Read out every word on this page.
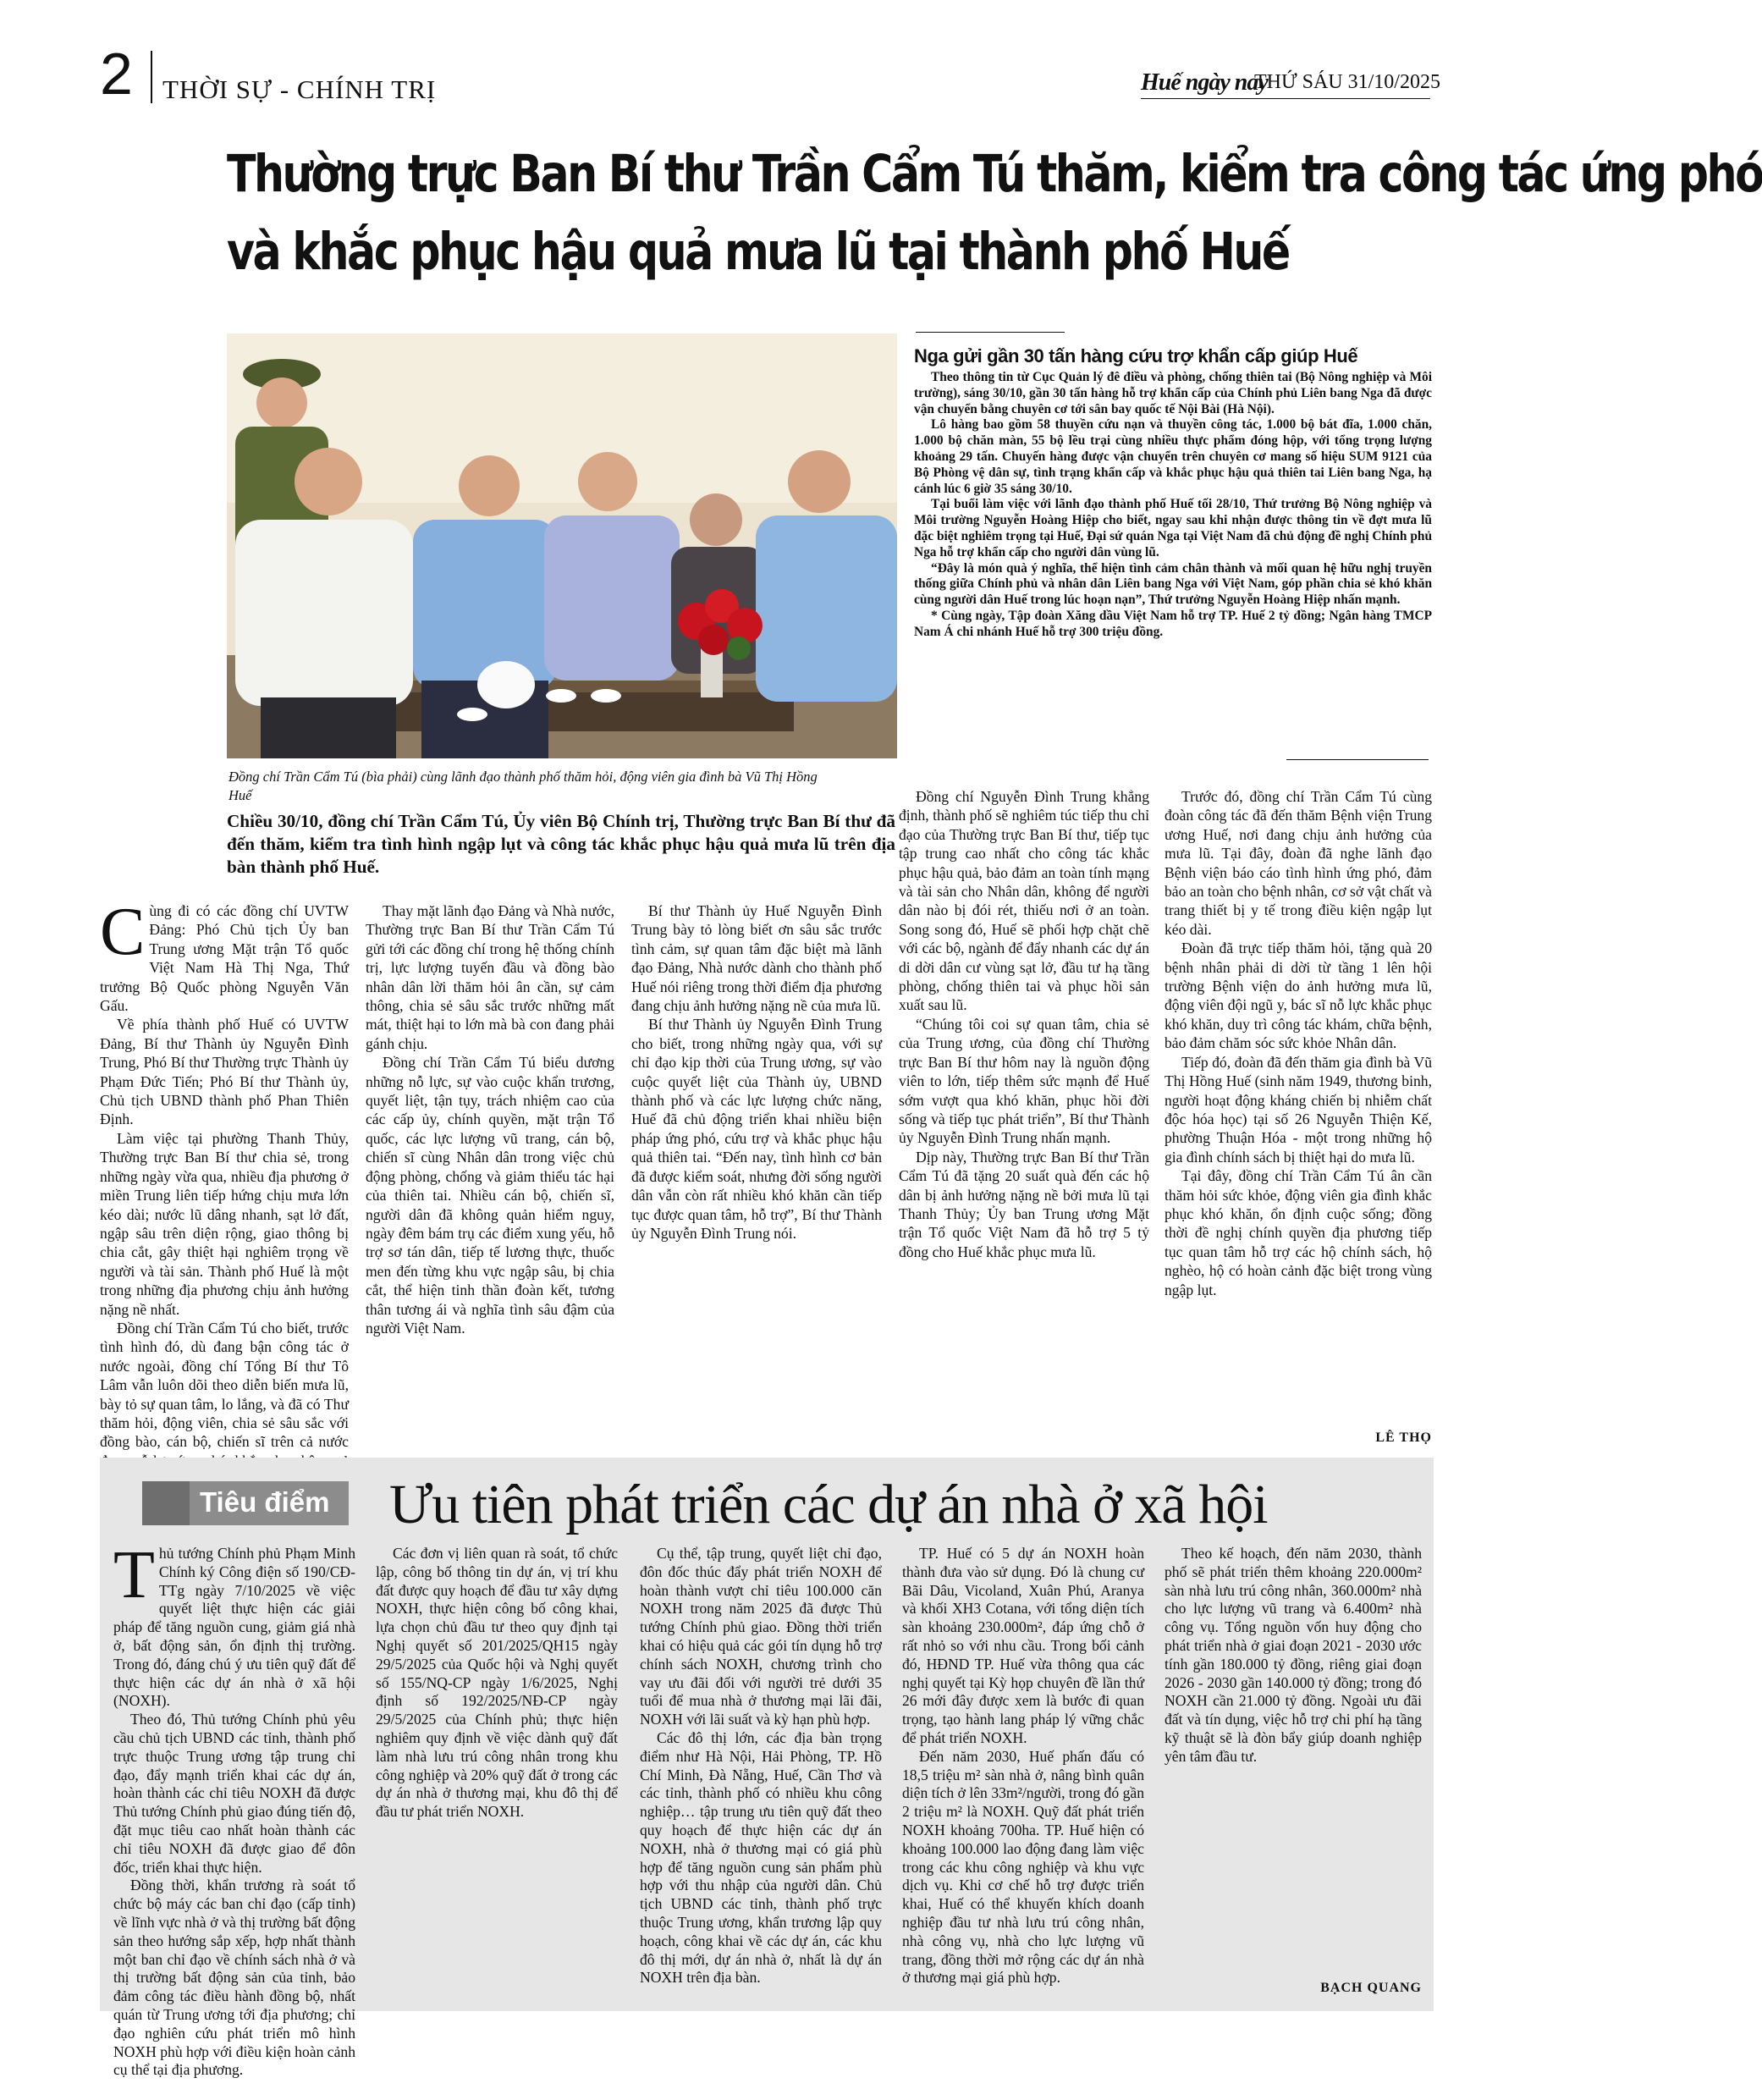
2 THỜI SỰ - CHÍNH TRỊ	Huế ngày nay
THỨ SÁU 31/10/2025
Thường trực Ban Bí thư Trần Cẩm Tú thăm, kiểm tra công tác ứng phó
và khắc phục hậu quả mưa lũ tại thành phố Huế
Đồng chí Trần Cẩm Tú (bìa phải) cùng lãnh đạo thành phố thăm hỏi, động viên gia đình bà Vũ Thị Hồng Huế
Nga gửi gần 30 tấn hàng cứu trợ khẩn cấp giúp Huế

Theo thông tin từ Cục Quản lý đê điều và phòng, chống thiên tai (Bộ Nông nghiệp và Môi trường), sáng 30/10, gần 30 tấn hàng hỗ trợ khẩn cấp của Chính phủ Liên bang Nga đã được vận chuyển bằng chuyên cơ tới sân bay quốc tế Nội Bài (Hà Nội).

Lô hàng bao gồm 58 thuyền cứu nạn và thuyền công tác, 1.000 bộ bát đĩa, 1.000 chăn, 1.000 bộ chăn màn, 55 bộ lều trại cùng nhiều thực phẩm đóng hộp, với tổng trọng lượng khoảng 29 tấn. Chuyến hàng được vận chuyển trên chuyên cơ mang số hiệu SUM 9121 của Bộ Phòng vệ dân sự, tình trạng khẩn cấp và khắc phục hậu quả thiên tai Liên bang Nga, hạ cánh lúc 6 giờ 35 sáng 30/10.

Tại buổi làm việc với lãnh đạo thành phố Huế tối 28/10, Thứ trưởng Bộ Nông nghiệp và Môi trường Nguyễn Hoàng Hiệp cho biết, ngay sau khi nhận được thông tin về đợt mưa lũ đặc biệt nghiêm trọng tại Huế, Đại sứ quán Nga tại Việt Nam đã chủ động đề nghị Chính phủ Nga hỗ trợ khẩn cấp cho người dân vùng lũ.

“Đây là món quà ý nghĩa, thể hiện tình cảm chân thành và mối quan hệ hữu nghị truyền thống giữa Chính phủ và nhân dân Liên bang Nga với Việt Nam, góp phần chia sẻ khó khăn cùng người dân Huế trong lúc hoạn nạn”, Thứ trưởng Nguyễn Hoàng Hiệp nhấn mạnh.

* Cùng ngày, Tập đoàn Xăng dầu Việt Nam hỗ trợ TP. Huế 2 tỷ đồng; Ngân hàng TMCP Nam Á chi nhánh Huế hỗ trợ 300 triệu đồng.

Chiều 30/10, đồng chí Trần Cẩm Tú, Ủy viên Bộ Chính trị, Thường trực Ban Bí thư đã đến thăm, kiểm tra tình hình ngập lụt và công tác khắc phục hậu quả mưa lũ trên địa bàn thành phố Huế.

Cùng đi có các đồng chí UVTW Đảng: Phó Chủ tịch Ủy ban Trung ương Mặt trận Tổ quốc Việt Nam Hà Thị Nga, Thứ trưởng Bộ Quốc phòng Nguyễn Văn Gấu.

Về phía thành phố Huế có UVTW Đảng, Bí thư Thành ủy Nguyễn Đình Trung, Phó Bí thư Thường trực Thành ủy Phạm Đức Tiến; Phó Bí thư Thành ủy, Chủ tịch UBND thành phố Phan Thiên Định.

Làm việc tại phường Thanh Thủy, Thường trực Ban Bí thư chia sẻ, trong những ngày vừa qua, nhiều địa phương ở miền Trung liên tiếp hứng chịu mưa lớn kéo dài; nước lũ dâng nhanh, sạt lở đất, ngập sâu trên diện rộng, giao thông bị chia cắt, gây thiệt hại nghiêm trọng về người và tài sản. Thành phố Huế là một trong những địa phương chịu ảnh hưởng nặng nề nhất.

Đồng chí Trần Cẩm Tú cho biết, trước tình hình đó, dù đang bận công tác ở nước ngoài, đồng chí Tổng Bí thư Tô Lâm vẫn luôn dõi theo diễn biến mưa lũ, bày tỏ sự quan tâm, lo lắng, và đã có Thư thăm hỏi, động viên, chia sẻ sâu sắc với đồng bào, cán bộ, chiến sĩ trên cả nước

Thay mặt lãnh đạo Đảng và Nhà nước, Thường trực Ban Bí thư Trần Cẩm Tú gửi tới các đồng chí trong hệ thống chính trị, lực lượng tuyến đầu và đồng bào nhân dân lời thăm hỏi ân cần, sự cảm thông, chia sẻ sâu sắc trước những mất mát, thiệt hại to lớn mà bà con đang phải gánh chịu.

Đồng chí Trần Cẩm Tú biểu dương những nỗ lực, sự vào cuộc khẩn trương, quyết liệt, tận tụy, trách nhiệm cao của các cấp ủy, chính quyền, mặt trận Tổ quốc, các lực lượng vũ trang, cán bộ, chiến sĩ cùng Nhân dân trong việc chủ động phòng, chống và giảm thiểu tác hại của thiên tai. Nhiều cán bộ, chiến sĩ, người dân đã không quản hiểm nguy, ngày đêm bám trụ các điểm xung yếu, hỗ trợ sơ tán dân, tiếp tế lương thực, thuốc men đến từng khu vực ngập sâu, bị chia cắt, thể hiện tinh thần đoàn kết, tương thân tương ái và nghĩa tình sâu đậm của người Việt Nam.

Bí thư Thành ủy Huế Nguyễn Đình Trung bày tỏ lòng biết ơn sâu sắc trước tình cảm, sự quan tâm đặc biệt mà lãnh đạo Đảng, Nhà nước dành cho thành phố Huế nói riêng trong thời điểm địa phương đang chịu ảnh hưởng nặng nề của mưa lũ.

Bí thư Thành ủy Nguyễn Đình Trung cho biết, trong những ngày qua, với sự chỉ đạo kịp thời của Trung ương, sự vào cuộc quyết liệt của Thành ủy, UBND thành phố và các lực lượng chức năng, Huế đã chủ động triển khai nhiều biện pháp ứng phó, cứu trợ và khắc phục hậu quả thiên tai. “Đến nay, tình hình cơ bản đã được kiểm soát, nhưng đời sống người dân vẫn còn rất nhiều khó khăn cần tiếp tục được quan tâm, hỗ trợ”, Bí thư Thành ủy Nguyễn Đình Trung nói.

Đồng chí Nguyễn Đình Trung khẳng định, thành phố sẽ nghiêm túc tiếp thu chỉ đạo của Thường trực Ban Bí thư, tiếp tục tập trung cao nhất cho công tác khắc phục hậu quả, bảo đảm an toàn tính mạng và tài sản cho Nhân dân, không để người dân nào bị đói rét, thiếu nơi ở an toàn. Song song đó, Huế sẽ phối hợp chặt chẽ với các bộ, ngành để đẩy nhanh các dự án di dời dân cư vùng sạt lở, đầu tư hạ tầng phòng, chống thiên tai và phục hồi sản xuất sau lũ.

“Chúng tôi coi sự quan tâm, chia sẻ của Trung ương, của đồng chí Thường trực Ban Bí thư hôm nay là nguồn động viên to lớn, tiếp thêm sức mạnh để Huế sớm vượt qua khó khăn, phục hồi đời sống và tiếp tục phát triển”, Bí thư Thành ủy Nguyễn Đình Trung nhấn mạnh.

Dịp này, Thường trực Ban Bí thư Trần Cẩm Tú đã tặng 20 suất quà đến các hộ dân bị ảnh hưởng nặng nề bởi mưa lũ tại Thanh Thủy; Ủy ban Trung ương Mặt trận Tổ quốc Việt Nam đã hỗ trợ 5 tỷ đồng cho Huế khắc phục mưa lũ.

Trước đó, đồng chí Trần Cẩm Tú cùng đoàn công tác đã đến thăm Bệnh viện Trung ương Huế, nơi đang chịu ảnh hưởng của mưa lũ. Tại đây, đoàn đã nghe lãnh đạo Bệnh viện báo cáo tình hình ứng phó, đảm bảo an toàn cho bệnh nhân, cơ sở vật chất và trang thiết bị y tế trong điều kiện ngập lụt kéo dài.

Đoàn đã trực tiếp thăm hỏi, tặng quà 20 bệnh nhân phải di dời từ tầng 1 lên hội trường Bệnh viện do ảnh hưởng mưa lũ, động viên đội ngũ y, bác sĩ nỗ lực khắc phục khó khăn, duy trì công tác khám, chữa bệnh, bảo đảm chăm sóc sức khỏe Nhân dân.

Tiếp đó, đoàn đã đến thăm gia đình bà Vũ Thị Hồng Huế (sinh năm 1949, thương binh, người hoạt động kháng chiến bị nhiễm chất độc hóa học) tại số 26 Nguyễn Thiện Kế, phường Thuận Hóa - một trong những hộ gia đình chính sách bị thiệt hại do mưa lũ.

Tại đây, đồng chí Trần Cẩm Tú ân cần thăm hỏi sức khỏe, động viên gia đình khắc phục khó khăn, ổn định cuộc sống; đồng thời đề nghị chính quyền địa phương tiếp tục quan tâm hỗ trợ các hộ chính sách, hộ nghèo, hộ có hoàn cảnh đặc biệt trong vùng ngập lụt.

LÊ THỌ
Tiêu điểm Ưu tiên phát triển các dự án nhà ở xã hội

Thủ tướng Chính phủ Phạm Minh Chính ký Công điện số 190/CĐ-TTg ngày 7/10/2025 về việc quyết liệt thực hiện các giải pháp để tăng nguồn cung, giảm giá nhà ở, bất động sản, ổn định thị trường. Trong đó, đáng chú ý ưu tiên quỹ đất để thực hiện các dự án nhà ở xã hội (NOXH).

Theo đó, Thủ tướng Chính phủ yêu cầu chủ tịch UBND các tỉnh, thành phố trực thuộc Trung ương tập trung chỉ đạo, đẩy mạnh triển khai các dự án, hoàn thành các chỉ tiêu NOXH đã được Thủ tướng Chính phủ giao đúng tiến độ, đặt mục tiêu cao nhất hoàn thành các chỉ tiêu NOXH đã được giao để đôn đốc, triển khai thực hiện.

Đồng thời, khẩn trương rà soát tổ chức bộ máy các ban chỉ đạo (cấp tỉnh) về lĩnh vực nhà ở và thị trường bất động sản theo hướng sắp xếp, hợp nhất thành một ban chỉ đạo về chính sách nhà ở và thị trường bất động sản của tỉnh, bảo đảm công tác điều hành đồng bộ, nhất quán từ Trung ương tới địa phương; chỉ đạo nghiên cứu phát triển mô hình NOXH phù hợp với điều kiện hoàn cảnh cụ thể tại địa phương.

Các đơn vị liên quan rà soát, tổ chức lập, công bố thông tin dự án, vị trí khu đất được quy hoạch để đầu tư xây dựng NOXH, thực hiện công bố công khai, lựa chọn chủ đầu tư theo quy định tại Nghị quyết số 201/2025/QH15 ngày 29/5/2025 của Quốc hội và Nghị quyết số 155/NQ-CP ngày 1/6/2025, Nghị định số 192/2025/NĐ-CP ngày 29/5/2025 của Chính phủ; thực hiện nghiêm quy định về việc dành quỹ đất làm nhà lưu trú công nhân trong khu công nghiệp và 20% quỹ đất ở trong các dự án nhà ở thương mại, khu đô thị để đầu tư phát triển NOXH.

Cụ thể, tập trung, quyết liệt chỉ đạo, đôn đốc thúc đẩy phát triển NOXH để hoàn thành vượt chỉ tiêu 100.000 căn NOXH trong năm 2025 đã được Thủ tướng Chính phủ giao. Đồng thời triển khai có hiệu quả các gói tín dụng hỗ trợ chính sách NOXH, chương trình cho vay ưu đãi đối với người trẻ dưới 35 tuổi để mua nhà ở thương mại lãi đãi, NOXH với lãi suất và kỳ hạn phù hợp.

Các đô thị lớn, các địa bàn trọng điểm như Hà Nội, Hải Phòng, TP. Hồ Chí Minh, Đà Nẵng, Huế, Cần Thơ và các tỉnh, thành phố có nhiều khu công nghiệp… tập trung ưu tiên quỹ đất theo quy hoạch để thực hiện các dự án NOXH, nhà ở thương mại có giá phù hợp để tăng nguồn cung sản phẩm phù hợp với thu nhập của người dân. Chủ tịch UBND các tỉnh, thành phố trực thuộc Trung ương, khẩn trương lập quy hoạch, công khai về các dự án, các khu đô thị mới, dự án nhà ở, nhất là dự án NOXH trên địa bàn.

TP. Huế có 5 dự án NOXH hoàn thành đưa vào sử dụng. Đó là chung cư Bãi Dâu, Vicoland, Xuân Phú, Aranya và khối XH3 Cotana, với tổng diện tích sàn khoảng 230.000m², đáp ứng chỗ ở rất nhỏ so với nhu cầu. Trong bối cảnh đó, HĐND TP. Huế vừa thông qua các nghị quyết tại Kỳ họp chuyên đề lần thứ 26 mới đây được xem là bước đi quan trọng, tạo hành lang pháp lý vững chắc để phát triển NOXH.

Đến năm 2030, Huế phấn đấu có 18,5 triệu m² sàn nhà ở, nâng bình quân diện tích ở lên 33m²/người, trong đó gần 2 triệu m² là NOXH. Quỹ đất phát triển NOXH khoảng 700ha. TP. Huế hiện có khoảng 100.000 lao động đang làm việc trong các khu công nghiệp và khu vực dịch vụ. Khi cơ chế hỗ trợ được triển khai, Huế có thể khuyến khích doanh nghiệp đầu tư nhà lưu trú công nhân, nhà công vụ, nhà cho lực lượng vũ trang, đồng thời mở rộng các dự án nhà ở thương mại giá phù hợp.

Theo kế hoạch, đến năm 2030, thành phố sẽ phát triển thêm khoảng 220.000m² sàn nhà lưu trú công nhân, 360.000m² nhà cho lực lượng vũ trang và 6.400m² nhà công vụ. Tổng nguồn vốn huy động cho phát triển nhà ở giai đoạn 2021 - 2030 ước tính gần 180.000 tỷ đồng, riêng giai đoạn 2026 - 2030 gần 140.000 tỷ đồng; trong đó NOXH cần 21.000 tỷ đồng. Ngoài ưu đãi đất và tín dụng, việc hỗ trợ chi phí hạ tầng kỹ thuật sẽ là đòn bẩy giúp doanh nghiệp yên tâm đầu tư.

BẠCH QUANG
